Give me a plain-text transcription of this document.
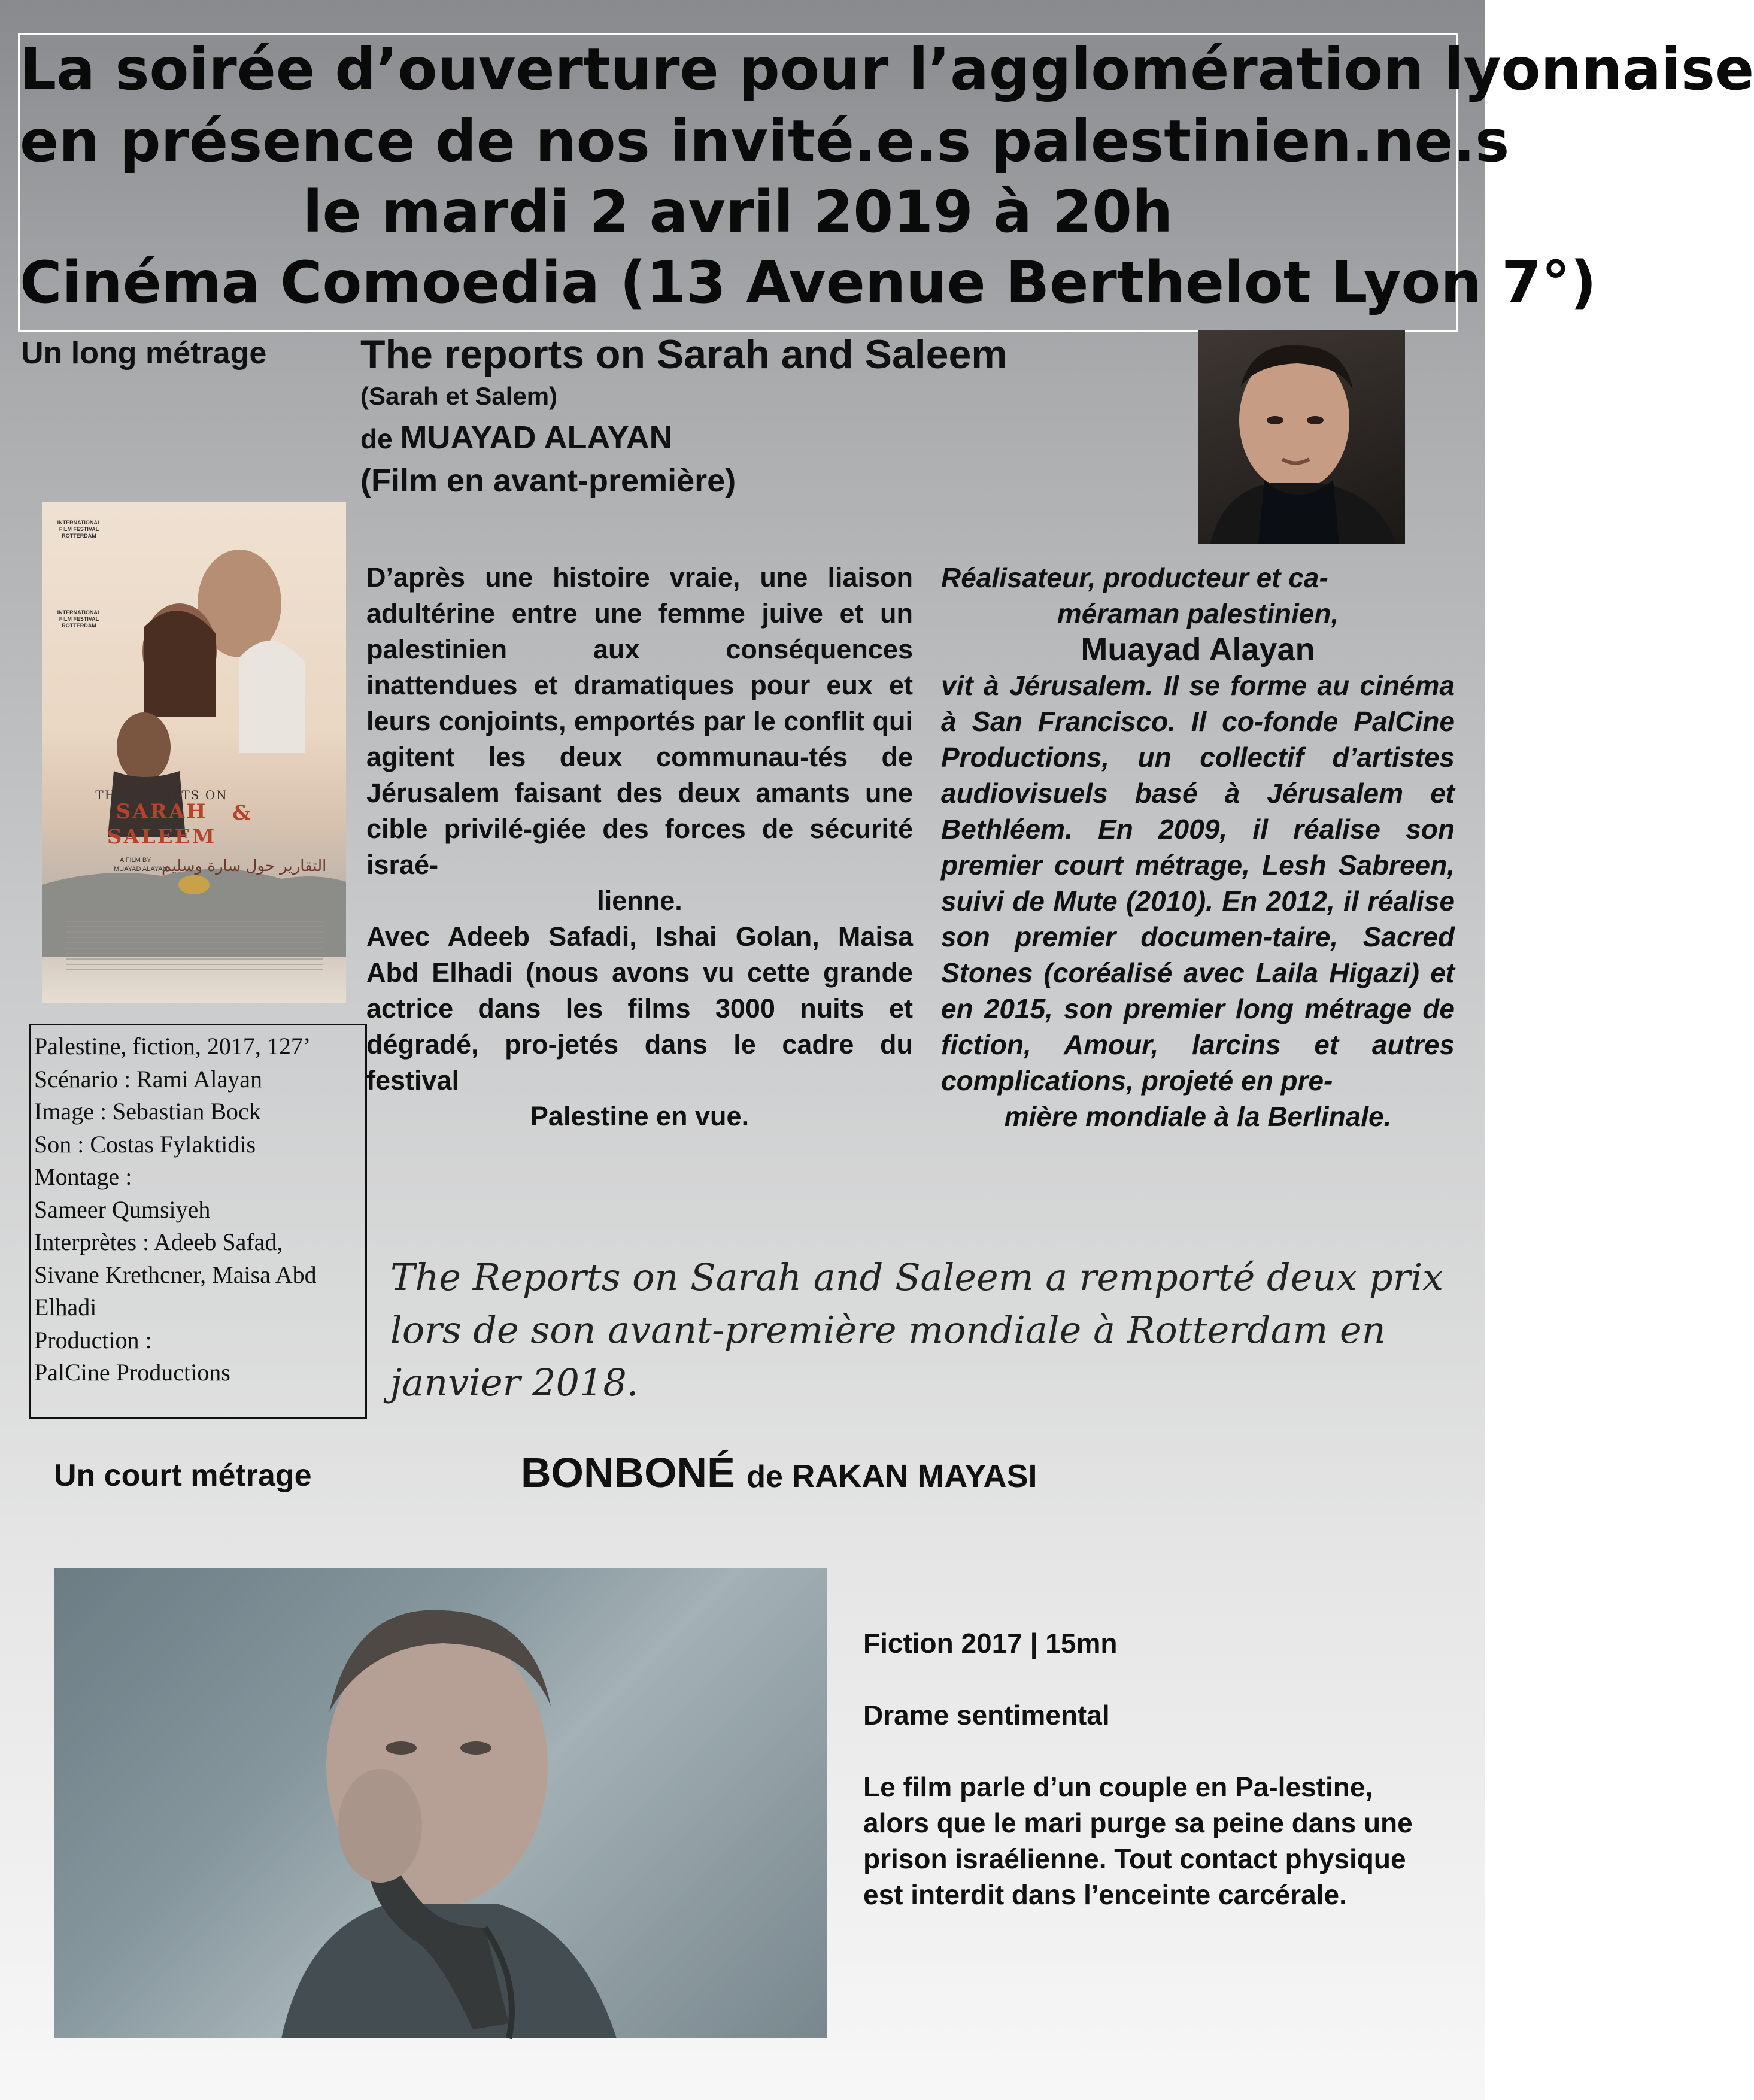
La soirée d’ouverture pour l’agglomération lyonnaise
en présence de nos invité.e.s palestinien.ne.s
le mardi 2 avril 2019 à 20h
Cinéma Comoedia (13 Avenue Berthelot Lyon 7°)
Un long métrage The reports on Sarah and Saleem
(Sarah et Salem)
de MUAYAD ALAYAN
(Film en avant-première)
INTERNATIONAL FILM FESTIVAL ROTTERDAM
INTERNATIONAL FILM FESTIVAL ROTTERDAM
THE REPORTS ON
SARAH	&
SALEEM
A FILM BY
MUAYAD ALAYAN
التقارير حول سارة وسليم
D’après une histoire vraie, une liaison adultérine entre une femme juive et un palestinien aux conséquences inattendues et dramatiques pour eux et leurs conjoints, emportés par le conflit qui agitent les deux communau-tés de Jérusalem faisant des deux amants une cible privilé-giée des forces de sécurité israé-
lienne.
Avec Adeeb Safadi, Ishai Golan, Maisa Abd Elhadi (nous avons vu cette grande actrice dans les films 3000 nuits et dégradé, pro-jetés dans le cadre du festival
Palestine en vue.
Réalisateur, producteur et ca-
méraman palestinien,
Muayad Alayan
vit à Jérusalem. Il se forme au cinéma à San Francisco. Il co-fonde PalCine Productions, un collectif d’artistes audiovisuels basé à Jérusalem et Bethléem. En 2009, il réalise son premier court métrage, Lesh Sabreen, suivi de Mute (2010). En 2012, il réalise son premier documen-taire, Sacred Stones (coréalisé avec Laila Higazi) et en 2015, son premier long métrage de fiction, Amour, larcins et autres complications, projeté en pre-
mière mondiale à la Berlinale.
Palestine, fiction, 2017, 127’
Scénario : Rami Alayan
Image : Sebastian Bock
Son : Costas Fylaktidis
Montage :
Sameer Qumsiyeh
Interprètes : Adeeb Safad,
Sivane Krethcner, Maisa Abd
Elhadi
Production :
PalCine Productions
The Reports on Sarah and Saleem a remporté deux prix lors de son avant-première mondiale à Rotterdam en janvier 2018.
Un court métrage	BONBONÉ de RAKAN MAYASI

Fiction 2017 | 15mn

Drame sentimental

Le film parle d’un couple en Pa-lestine, alors que le mari purge sa peine dans une prison israélienne. Tout contact physique est interdit dans l’enceinte carcérale.
